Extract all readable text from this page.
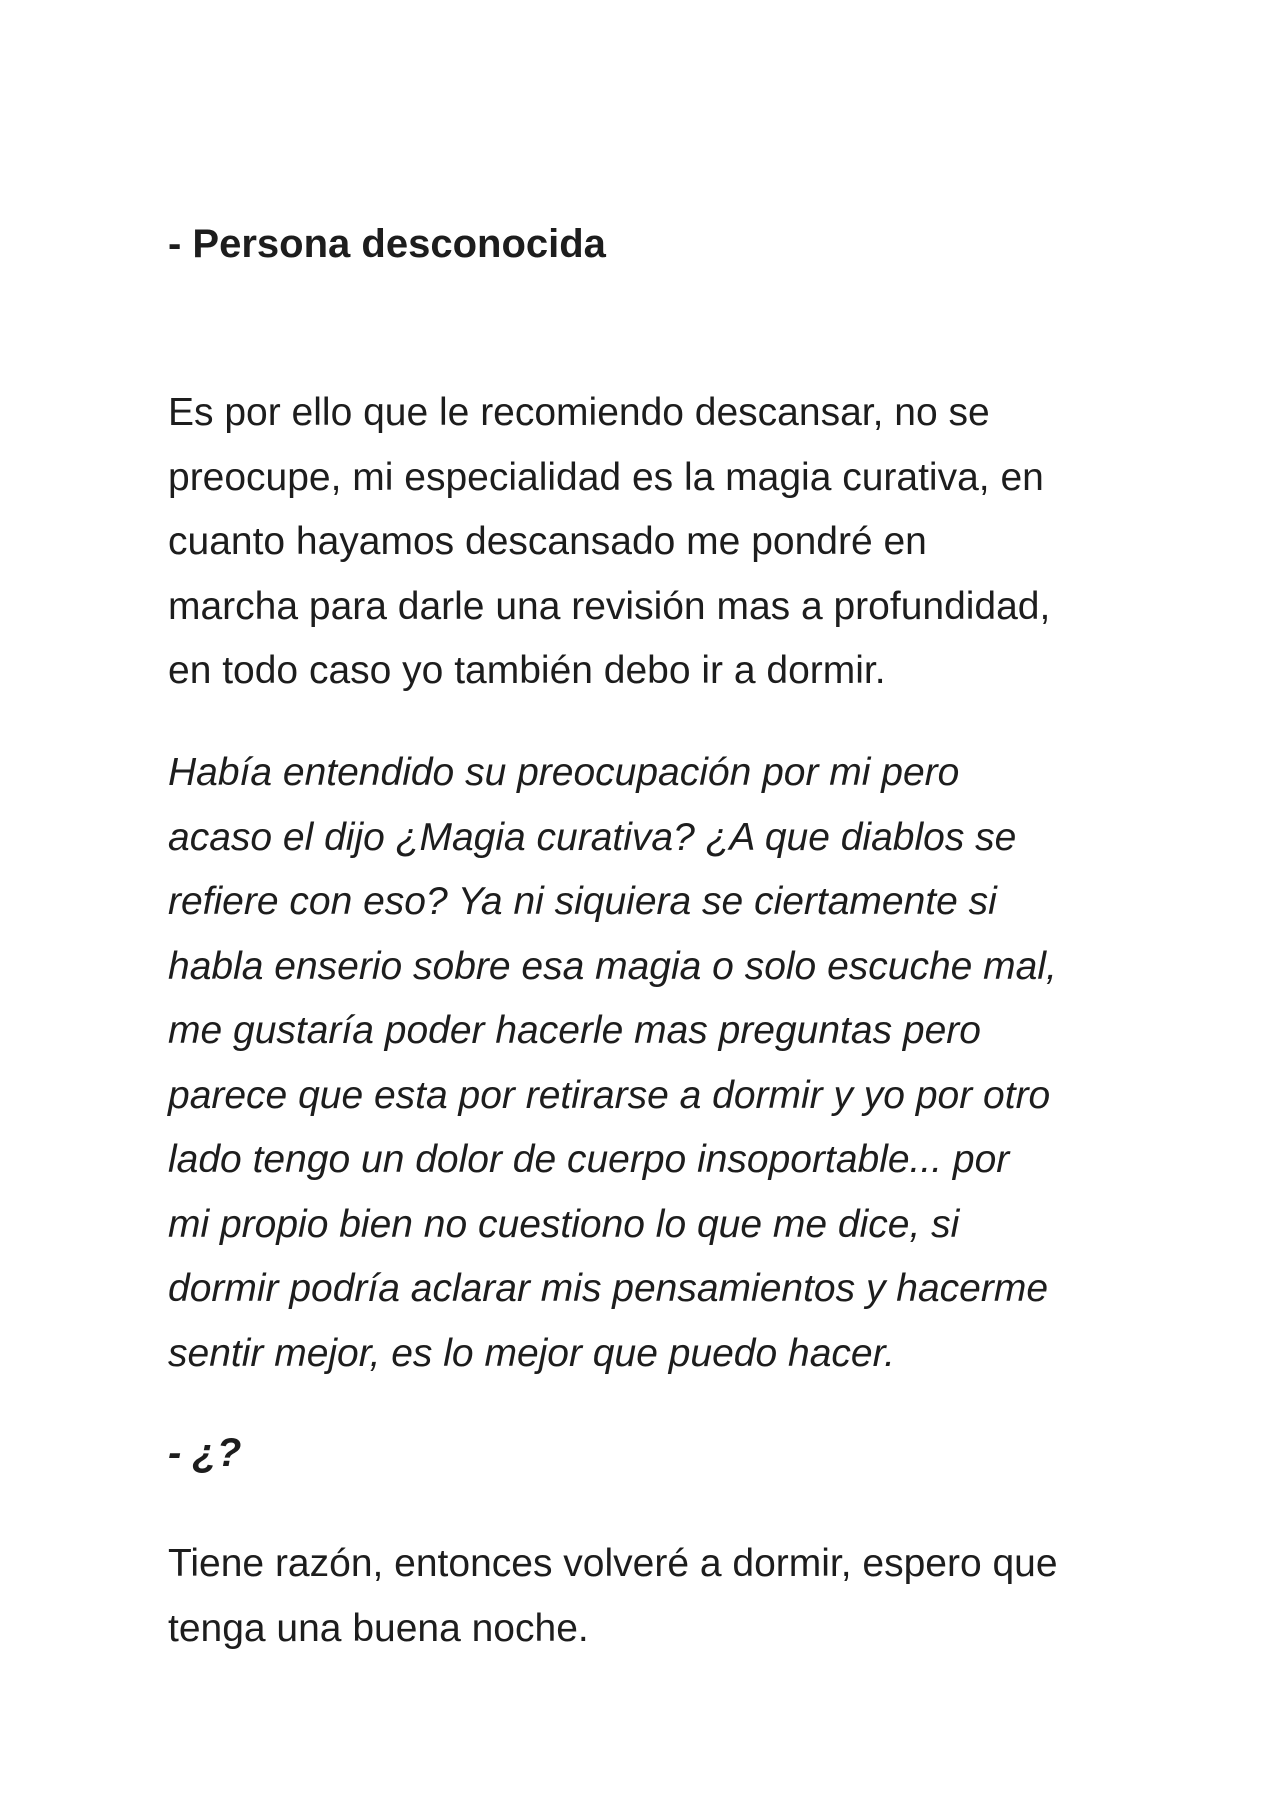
- Persona desconocida

Es por ello que le recomiendo descansar, no se
preocupe, mi especialidad es la magia curativa, en
cuanto hayamos descansado me pondré en
marcha para darle una revisión mas a profundidad,
en todo caso yo también debo ir a dormir.

Había entendido su preocupación por mi pero
acaso el dijo ¿Magia curativa? ¿A que diablos se
refiere con eso? Ya ni siquiera se ciertamente si
habla enserio sobre esa magia o solo escuche mal,
me gustaría poder hacerle mas preguntas pero
parece que esta por retirarse a dormir y yo por otro
lado tengo un dolor de cuerpo insoportable... por
mi propio bien no cuestiono lo que me dice, si
dormir podría aclarar mis pensamientos y hacerme
sentir mejor, es lo mejor que puedo hacer.

- ¿?

Tiene razón, entonces volveré a dormir, espero que
tenga una buena noche.
